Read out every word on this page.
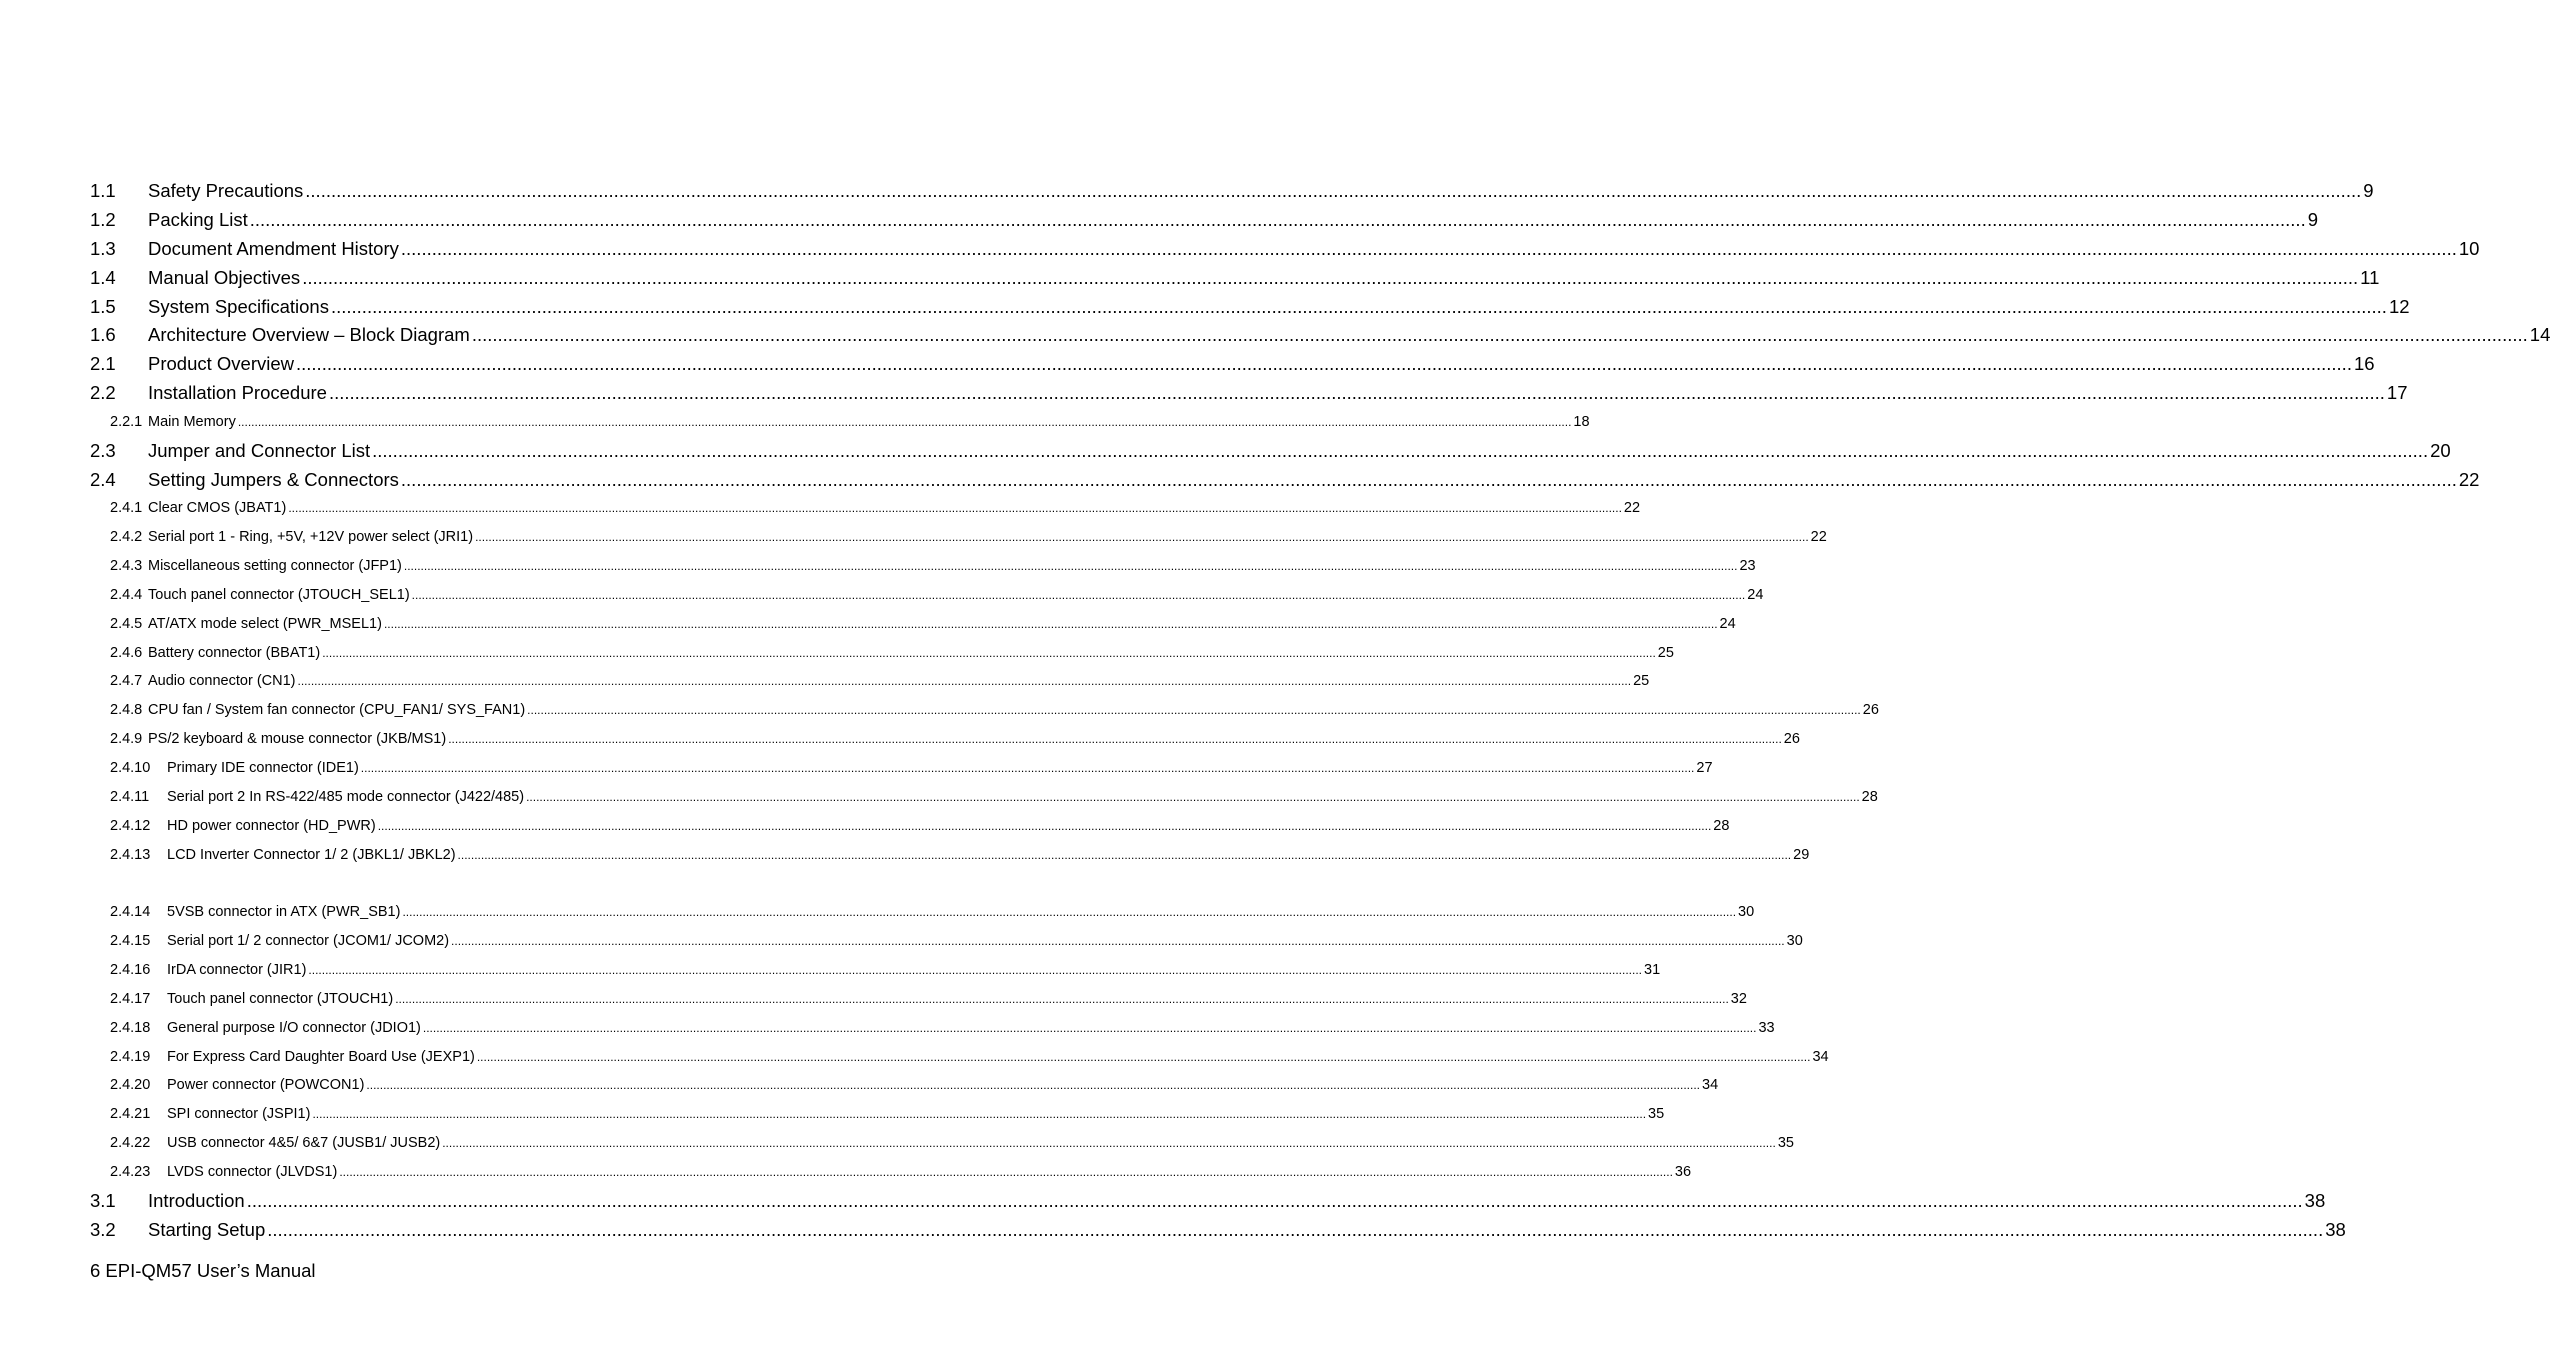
1.1	Safety Precautions ................................................................................................................................................................................................................................................................................................................................................................................................................ 9
1.2	Packing List ................................................................................................................................................................................................................................................................................................................................................................................................................ 9
1.3	Document Amendment History ................................................................................................................................................................................................................................................................................................................................................................................................................ 10
1.4	Manual Objectives ................................................................................................................................................................................................................................................................................................................................................................................................................ 11
1.5	System Specifications ................................................................................................................................................................................................................................................................................................................................................................................................................ 12
1.6	Architecture Overview – Block Diagram ................................................................................................................................................................................................................................................................................................................................................................................................................ 14
2.1	Product Overview ................................................................................................................................................................................................................................................................................................................................................................................................................ 16
2.2	Installation Procedure ................................................................................................................................................................................................................................................................................................................................................................................................................ 17
2.2.1 Main Memory ................................................................................................................................................................................................................................................................................................................................................................................................................ 18
2.3	Jumper and Connector List ................................................................................................................................................................................................................................................................................................................................................................................................................ 20
2.4	Setting Jumpers & Connectors ................................................................................................................................................................................................................................................................................................................................................................................................................ 22
2.4.1 Clear CMOS (JBAT1) ................................................................................................................................................................................................................................................................................................................................................................................................................ 22
2.4.2 Serial port 1 - Ring, +5V, +12V power select (JRI1) ................................................................................................................................................................................................................................................................................................................................................................................................................ 22
2.4.3 Miscellaneous setting connector (JFP1) ................................................................................................................................................................................................................................................................................................................................................................................................................ 23
2.4.4 Touch panel connector (JTOUCH_SEL1) ................................................................................................................................................................................................................................................................................................................................................................................................................ 24
2.4.5 AT/ATX mode select (PWR_MSEL1) ................................................................................................................................................................................................................................................................................................................................................................................................................ 24
2.4.6 Battery connector (BBAT1) ................................................................................................................................................................................................................................................................................................................................................................................................................ 25
2.4.7 Audio connector (CN1) ................................................................................................................................................................................................................................................................................................................................................................................................................ 25
2.4.8 CPU fan / System fan connector (CPU_FAN1/ SYS_FAN1) ................................................................................................................................................................................................................................................................................................................................................................................................................ 26
2.4.9 PS/2 keyboard & mouse connector (JKB/MS1) ................................................................................................................................................................................................................................................................................................................................................................................................................ 26
2.4.10	Primary IDE connector (IDE1) ................................................................................................................................................................................................................................................................................................................................................................................................................ 27
2.4.11	Serial port 2 In RS-422/485 mode connector (J422/485) ................................................................................................................................................................................................................................................................................................................................................................................................................ 28
2.4.12	HD power connector (HD_PWR) ................................................................................................................................................................................................................................................................................................................................................................................................................ 28
2.4.13	LCD Inverter Connector 1/ 2 (JBKL1/ JBKL2) ................................................................................................................................................................................................................................................................................................................................................................................................................ 29
2.4.14	5VSB connector in ATX (PWR_SB1) ................................................................................................................................................................................................................................................................................................................................................................................................................ 30
2.4.15	Serial port 1/ 2 connector (JCOM1/ JCOM2) ................................................................................................................................................................................................................................................................................................................................................................................................................ 30
2.4.16	IrDA connector (JIR1) ................................................................................................................................................................................................................................................................................................................................................................................................................ 31
2.4.17	Touch panel connector (JTOUCH1) ................................................................................................................................................................................................................................................................................................................................................................................................................ 32
2.4.18	General purpose I/O connector (JDIO1) ................................................................................................................................................................................................................................................................................................................................................................................................................ 33
2.4.19	For Express Card Daughter Board Use (JEXP1) ................................................................................................................................................................................................................................................................................................................................................................................................................ 34
2.4.20	Power connector (POWCON1) ................................................................................................................................................................................................................................................................................................................................................................................................................ 34
2.4.21	SPI connector (JSPI1) ................................................................................................................................................................................................................................................................................................................................................................................................................ 35
2.4.22	USB connector 4&5/ 6&7 (JUSB1/ JUSB2) ................................................................................................................................................................................................................................................................................................................................................................................................................ 35
2.4.23	LVDS connector (JLVDS1) ................................................................................................................................................................................................................................................................................................................................................................................................................ 36
3.1	Introduction ................................................................................................................................................................................................................................................................................................................................................................................................................ 38
3.2	Starting Setup ................................................................................................................................................................................................................................................................................................................................................................................................................ 38
6 EPI-QM57 User’s Manual
